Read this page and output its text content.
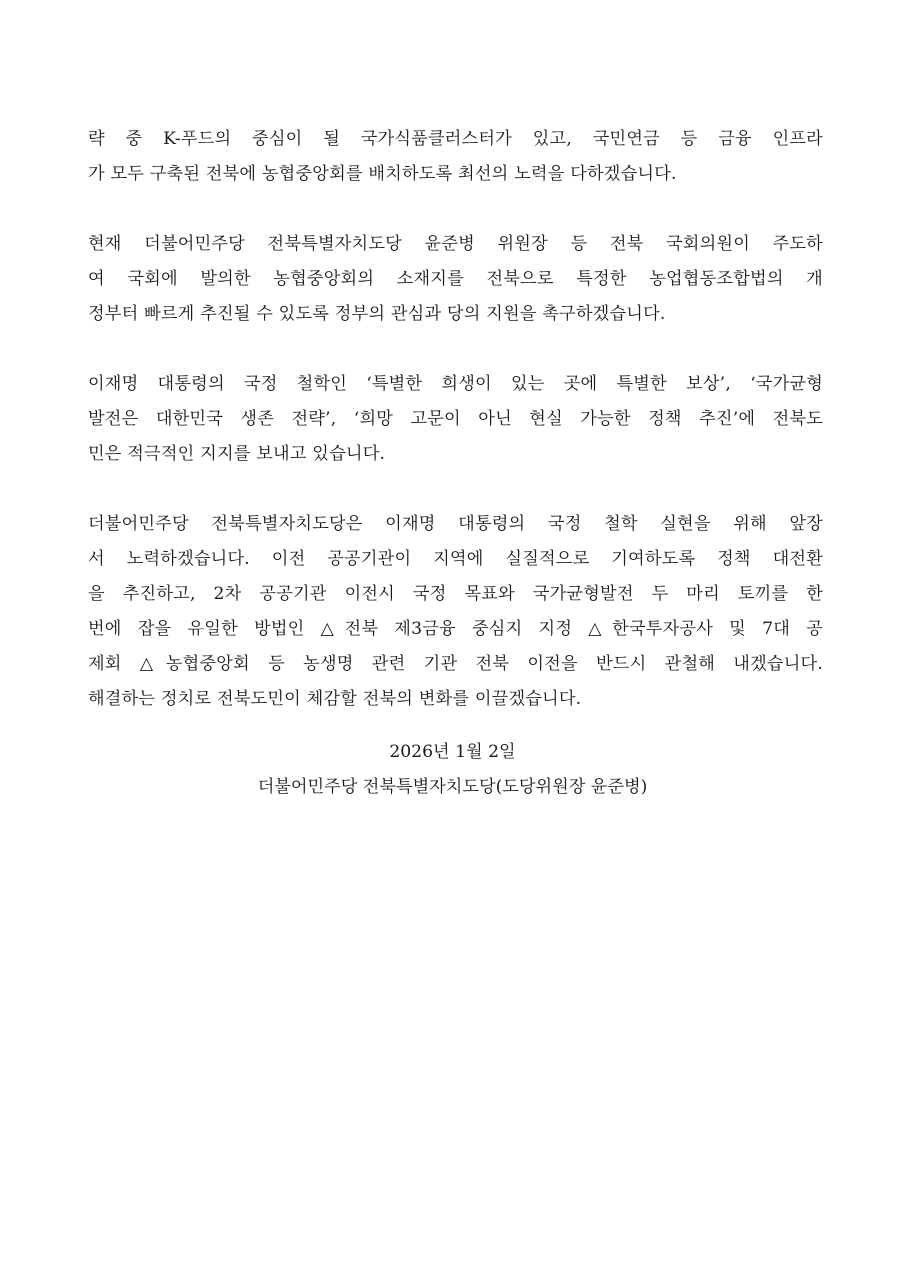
략 중 K-푸드의 중심이 될 국가식품클러스터가 있고, 국민연금 등 금융 인프라
가 모두 구축된 전북에 농협중앙회를 배치하도록 최선의 노력을 다하겠습니다.

현재 더불어민주당 전북특별자치도당 윤준병 위원장 등 전북 국회의원이 주도하
여 국회에 발의한 농협중앙회의 소재지를 전북으로 특정한 농업협동조합법의 개
정부터 빠르게 추진될 수 있도록 정부의 관심과 당의 지원을 촉구하겠습니다.

이재명 대통령의 국정 철학인 ‘특별한 희생이 있는 곳에 특별한 보상’, ‘국가균형
발전은 대한민국 생존 전략’, ‘희망 고문이 아닌 현실 가능한 정책 추진’에 전북도
민은 적극적인 지지를 보내고 있습니다.

더불어민주당 전북특별자치도당은 이재명 대통령의 국정 철학 실현을 위해 앞장
서 노력하겠습니다. 이전 공공기관이 지역에 실질적으로 기여하도록 정책 대전환
을 추진하고, 2차 공공기관 이전시 국정 목표와 국가균형발전 두 마리 토끼를 한
번에 잡을 유일한 방법인 △전북 제3금융 중심지 지정 △한국투자공사 및 7대 공
제회 △농협중앙회 등 농생명 관련 기관 전북 이전을 반드시 관철해 내겠습니다.
해결하는 정치로 전북도민이 체감할 전북의 변화를 이끌겠습니다.

2026년 1월 2일
더불어민주당 전북특별자치도당(도당위원장 윤준병)
